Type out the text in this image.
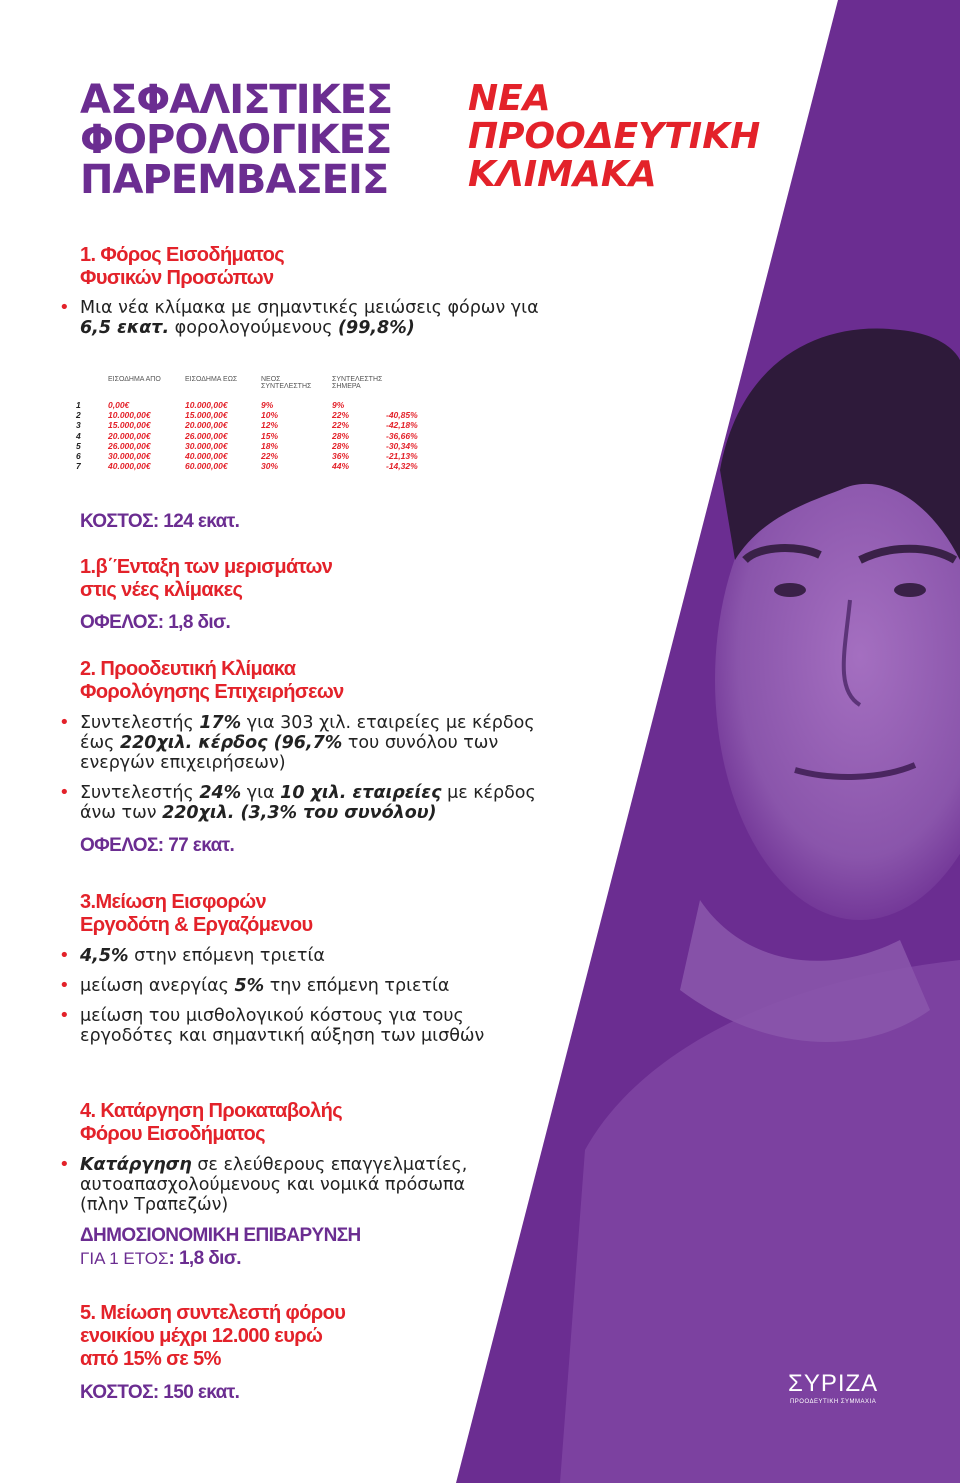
ΑΣΦΑΛΙΣΤΙΚΕΣ
ΦΟΡΟΛΟΓΙΚΕΣ
ΠΑΡΕΜΒΑΣΕΙΣ
ΝΕΑ
ΠΡΟΟΔΕΥΤΙΚΗ
ΚΛΙΜΑΚΑ
1. Φόρος Εισοδήματος
Φυσικών Προσώπων
• Μια νέα κλίμακα με σημαντικές μειώσεις φόρων για 6,5 εκατ. φορολογούμενους (99,8%)
	ΕΙΣΟΔΗΜΑ ΑΠΟ	ΕΙΣΟΔΗΜΑ ΕΩΣ	ΝΕΟΣ ΣΥΝΤΕΛΕΣΤΗΣ	ΣΥΝΤΕΛΕΣΤΗΣ ΣΗΜΕΡΑ	
1	0,00€	10.000,00€	9%	9%	
2	10.000,00€	15.000,00€	10%	22%	-40,85%
3	15.000,00€	20.000,00€	12%	22%	-42,18%
4	20.000,00€	26.000,00€	15%	28%	-36,66%
5	26.000,00€	30.000,00€	18%	28%	-30,34%
6	30.000,00€	40.000,00€	22%	36%	-21,13%
7	40.000,00€	60.000,00€	30%	44%	-14,32%
ΚΟΣΤΟΣ: 124 εκατ.
1.β΄Ένταξη των μερισμάτων
στις νέες κλίμακες
ΟΦΕΛΟΣ: 1,8 δισ.
2. Προοδευτική Κλίμακα
Φορολόγησης Επιχειρήσεων
• Συντελεστής 17% για 303 χιλ. εταιρείες με κέρδος έως 220χιλ. κέρδος (96,7% του συνόλου των ενεργών επιχειρήσεων)
• Συντελεστής 24% για 10 χιλ. εταιρείες με κέρδος άνω των 220χιλ. (3,3% του συνόλου)
ΟΦΕΛΟΣ: 77 εκατ.
3.Μείωση Εισφορών
Εργοδότη & Εργαζόμενου
• 4,5% στην επόμενη τριετία
• μείωση ανεργίας 5% την επόμενη τριετία
• μείωση του μισθολογικού κόστους για τους εργοδότες και σημαντική αύξηση των μισθών
4. Κατάργηση Προκαταβολής
Φόρου Εισοδήματος
• Κατάργηση σε ελεύθερους επαγγελματίες, αυτοαπασχολούμενους και νομικά πρόσωπα (πλην Τραπεζών)
ΔΗΜΟΣΙΟΝΟΜΙΚΗ ΕΠΙΒΑΡΥΝΣΗ
ΓΙΑ 1 ΕΤΟΣ: 1,8 δισ.
5. Μείωση συντελεστή φόρου
ενοικίου μέχρι 12.000 ευρώ
από 15% σε 5%
ΚΟΣΤΟΣ: 150 εκατ.	ΣΥΡΙΖΑ
ΠΡΟΟΔΕΥΤΙΚΗ ΣΥΜΜΑΧΙΑ
